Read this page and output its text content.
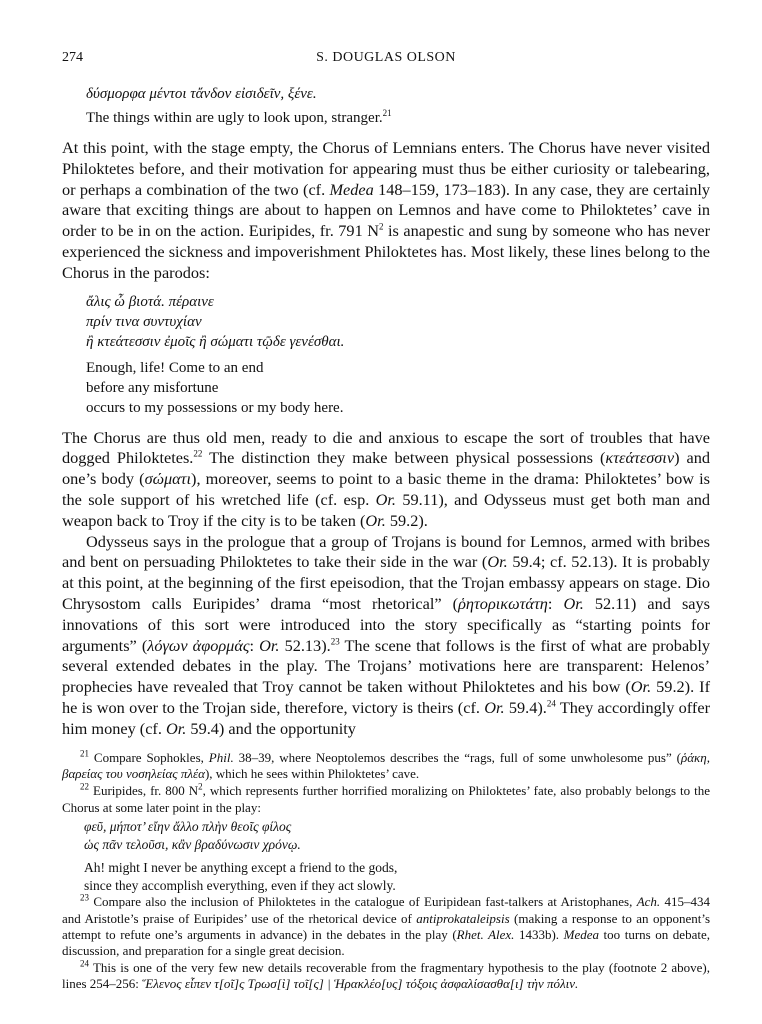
274	S. DOUGLAS OLSON

δύσμορφα μέντοι τἄνδον εἰσιδεῖν, ξένε.

The things within are ugly to look upon, stranger.$^{21}$

At this point, with the stage empty, the Chorus of Lemnians enters. The Chorus have never visited Philoktetes before, and their motivation for appearing must thus be either curiosity or talebearing, or perhaps a combination of the two (cf. Medea 148–159, 173–183). In any case, they are certainly aware that exciting things are about to happen on Lemnos and have come to Philoktetes’ cave in order to be in on the action. Euripides, fr. 791 $N^2$ is anapestic and sung by someone who has never experienced the sickness and impoverishment Philoktetes has. Most likely, these lines belong to the Chorus in the parodos:

ἄλις ὦ βιοτά. πέραινε

πρίν τινα συντυχίαν

ἢ κτεάτεσσιν ἐμοῖς ἢ σώματι τῷδε γενέσθαι.

Enough, life! Come to an end

before any misfortune

occurs to my possessions or my body here.

The Chorus are thus old men, ready to die and anxious to escape the sort of troubles that have dogged Philoktetes.$^{22}$ The distinction they make between physical possessions (κτεάτεσσιν) and one’s body (σώματι), moreover, seems to point to a basic theme in the drama: Philoktetes’ bow is the sole support of his wretched life (cf. esp. Or. 59.11), and Odysseus must get both man and weapon back to Troy if the city is to be taken (Or. 59.2).

Odysseus says in the prologue that a group of Trojans is bound for Lemnos, armed with bribes and bent on persuading Philoktetes to take their side in the war (Or. 59.4; cf. 52.13). It is probably at this point, at the beginning of the first epeisodion, that the Trojan embassy appears on stage. Dio Chrysostom calls Euripides’ drama “most rhetorical” (ῥητορικωτάτη: Or. 52.11) and says innovations of this sort were introduced into the story specifically as “starting points for arguments” (λόγων ἀφορμάς: Or. 52.13).$^{23}$ The scene that follows is the first of what are probably several extended debates in the play. The Trojans’ motivations here are transparent: Helenos’ prophecies have revealed that Troy cannot be taken without Philoktetes and his bow (Or. 59.2). If he is won over to the Trojan side, therefore, victory is theirs (cf. Or. 59.4).$^{24}$ They accordingly offer him money (cf. Or. 59.4) and the opportunity

$^{21}$ Compare Sophokles, Phil. 38–39, where Neoptolemos describes the “rags, full of some unwholesome pus” (ῥάκη, βαρείας του νοσηλείας πλέα), which he sees within Philoktetes’ cave.

$^{22}$ Euripides, fr. 800 $N^2$, which represents further horrified moralizing on Philoktetes’ fate, also probably belongs to the Chorus at some later point in the play:

φεῦ, μήποτ’ εἴην ἄλλο πλὴν θεοῖς φίλος

ὡς πᾶν τελοῦσι, κἂν βραδύνωσιν χρόνῳ.

Ah! might I never be anything except a friend to the gods,

since they accomplish everything, even if they act slowly.

$^{23}$ Compare also the inclusion of Philoktetes in the catalogue of Euripidean fast-talkers at Aristophanes, Ach. 415–434 and Aristotle’s praise of Euripides’ use of the rhetorical device of antiprokataleipsis (making a response to an opponent’s attempt to refute one’s arguments in advance) in the debates in the play (Rhet. Alex. 1433b). Medea too turns on debate, discussion, and preparation for a single great decision.

$^{24}$ This is one of the very few new details recoverable from the fragmentary hypothesis to the play (footnote 2 above), lines 254–256: Ἕλενος εἶπεν τ[οῖ]ς Τρωσ[ὶ] τοῖ[ς] | Ἡρακλέο[υς] τόξοις ἀσφαλίσασθα[ι] τὴν πόλιν.
